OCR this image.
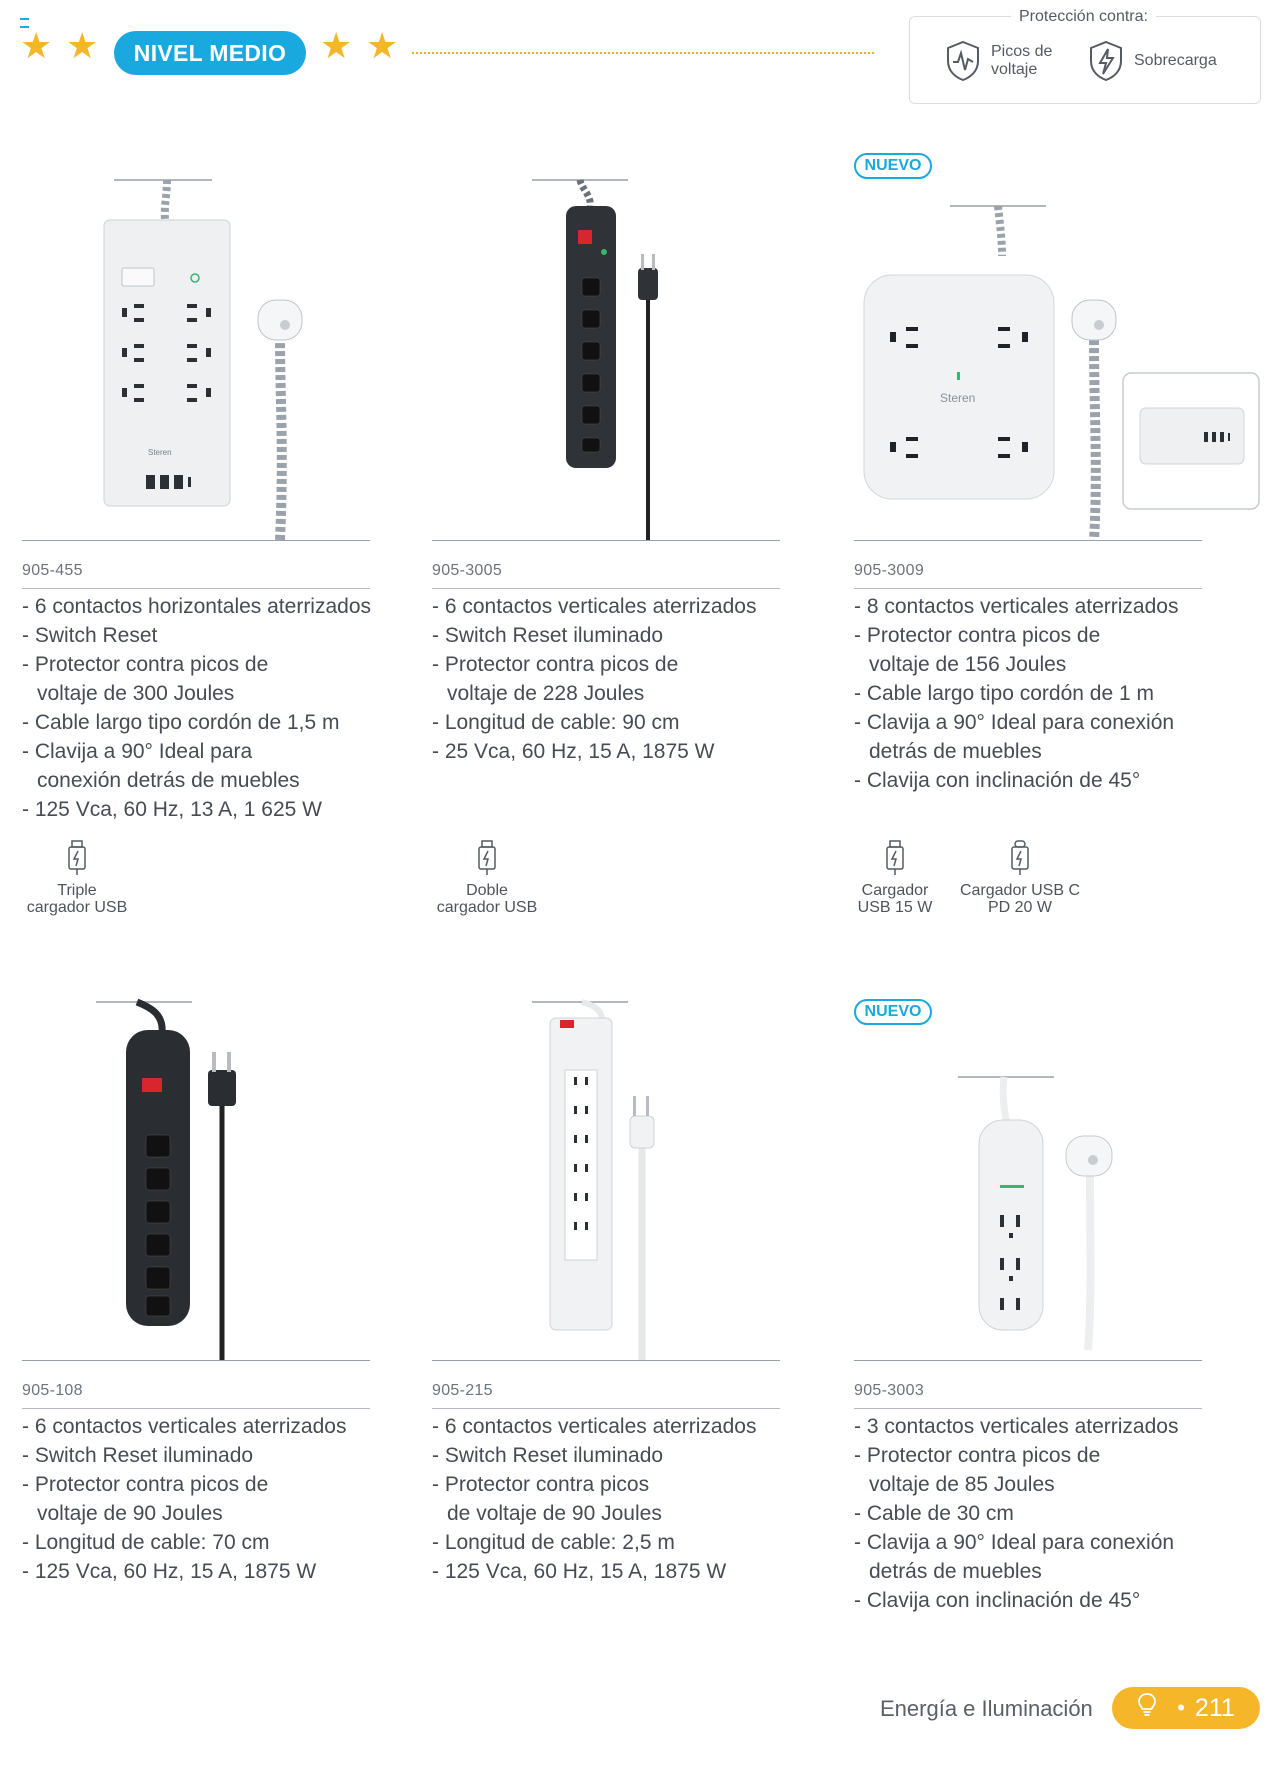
★ ★	NIVEL MEDIO ★ ★
Protección contra:
Picos de voltaje
Sobrecarga
Steren
905-455
- 6 contactos horizontales aterrizados
- Switch Reset
- Protector contra picos de
voltaje de 300 Joules
- Cable largo tipo cordón de 1,5 m
- Clavija a 90° Ideal para
conexión detrás de muebles
- 125 Vca, 60 Hz, 13 A, 1 625 W
Triple
cargador USB
905-3005
- 6 contactos verticales aterrizados
- Switch Reset iluminado
- Protector contra picos de
voltaje de 228 Joules
- Longitud de cable: 90 cm
- 25 Vca, 60 Hz, 15 A, 1875 W
Doble
cargador USB
NUEVO
Steren
905-3009
- 8 contactos verticales aterrizados
- Protector contra picos de
voltaje de 156 Joules
- Cable largo tipo cordón de 1 m
- Clavija a 90° Ideal para conexión
detrás de muebles
- Clavija con inclinación de 45°
Cargador
USB 15 W
Cargador USB C
PD 20 W
905-108
- 6 contactos verticales aterrizados
- Switch Reset iluminado
- Protector contra picos de
voltaje de 90 Joules
- Longitud de cable: 70 cm
- 125 Vca, 60 Hz, 15 A, 1875 W
905-215
- 6 contactos verticales aterrizados
- Switch Reset iluminado
- Protector contra picos
de voltaje de 90 Joules
- Longitud de cable: 2,5 m
- 125 Vca, 60 Hz, 15 A, 1875 W
NUEVO
905-3003
- 3 contactos verticales aterrizados
- Protector contra picos de
voltaje de 85 Joules
- Cable de 30 cm
- Clavija a 90° Ideal para conexión
detrás de muebles
- Clavija con inclinación de 45°
Energía e Iluminación	• 211
